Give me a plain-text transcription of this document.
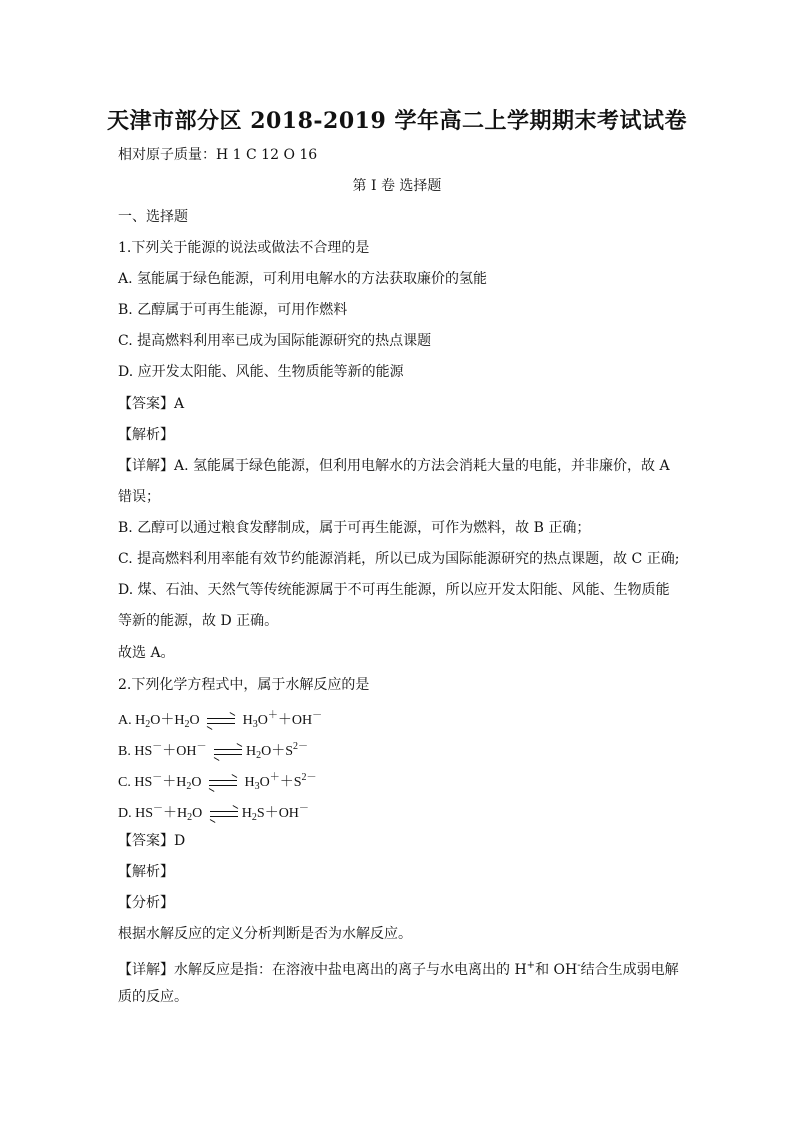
天津市部分区 2018-2019 学年高二上学期期末考试试卷
相对原子质量：H 1 C 12 O 16
第 I 卷 选择题
一、选择题
1.下列关于能源的说法或做法不合理的是
A. 氢能属于绿色能源，可利用电解水的方法获取廉价的氢能
B. 乙醇属于可再生能源，可用作燃料
C. 提高燃料利用率已成为国际能源研究的热点课题
D. 应开发太阳能、风能、生物质能等新的能源
【答案】A
【解析】
【详解】A. 氢能属于绿色能源，但利用电解水的方法会消耗大量的电能，并非廉价，故 A
错误；
B. 乙醇可以通过粮食发酵制成，属于可再生能源，可作为燃料，故 B 正确；
C. 提高燃料利用率能有效节约能源消耗，所以已成为国际能源研究的热点课题，故 C 正确;
D. 煤、石油、天然气等传统能源属于不可再生能源，所以应开发太阳能、风能、生物质能
等新的能源，故 D 正确。
故选 A。
2.下列化学方程式中，属于水解反应的是
A. $H_2O+H_2O$	$H_3O^++OH^-$
B. HS－＋OH－	$H_2O+S^{2-}$
C. $HS^-+H_2O$	$H_3O^++S^{2-}$
D. $HS^-+H_2O$	$H_2S+OH^-$
【答案】D
【解析】
【分析】
根据水解反应的定义分析判断是否为水解反应。
【详解】水解反应是指：在溶液中盐电离出的离子与水电离出的 H+和 OH-结合生成弱电解
质的反应。
